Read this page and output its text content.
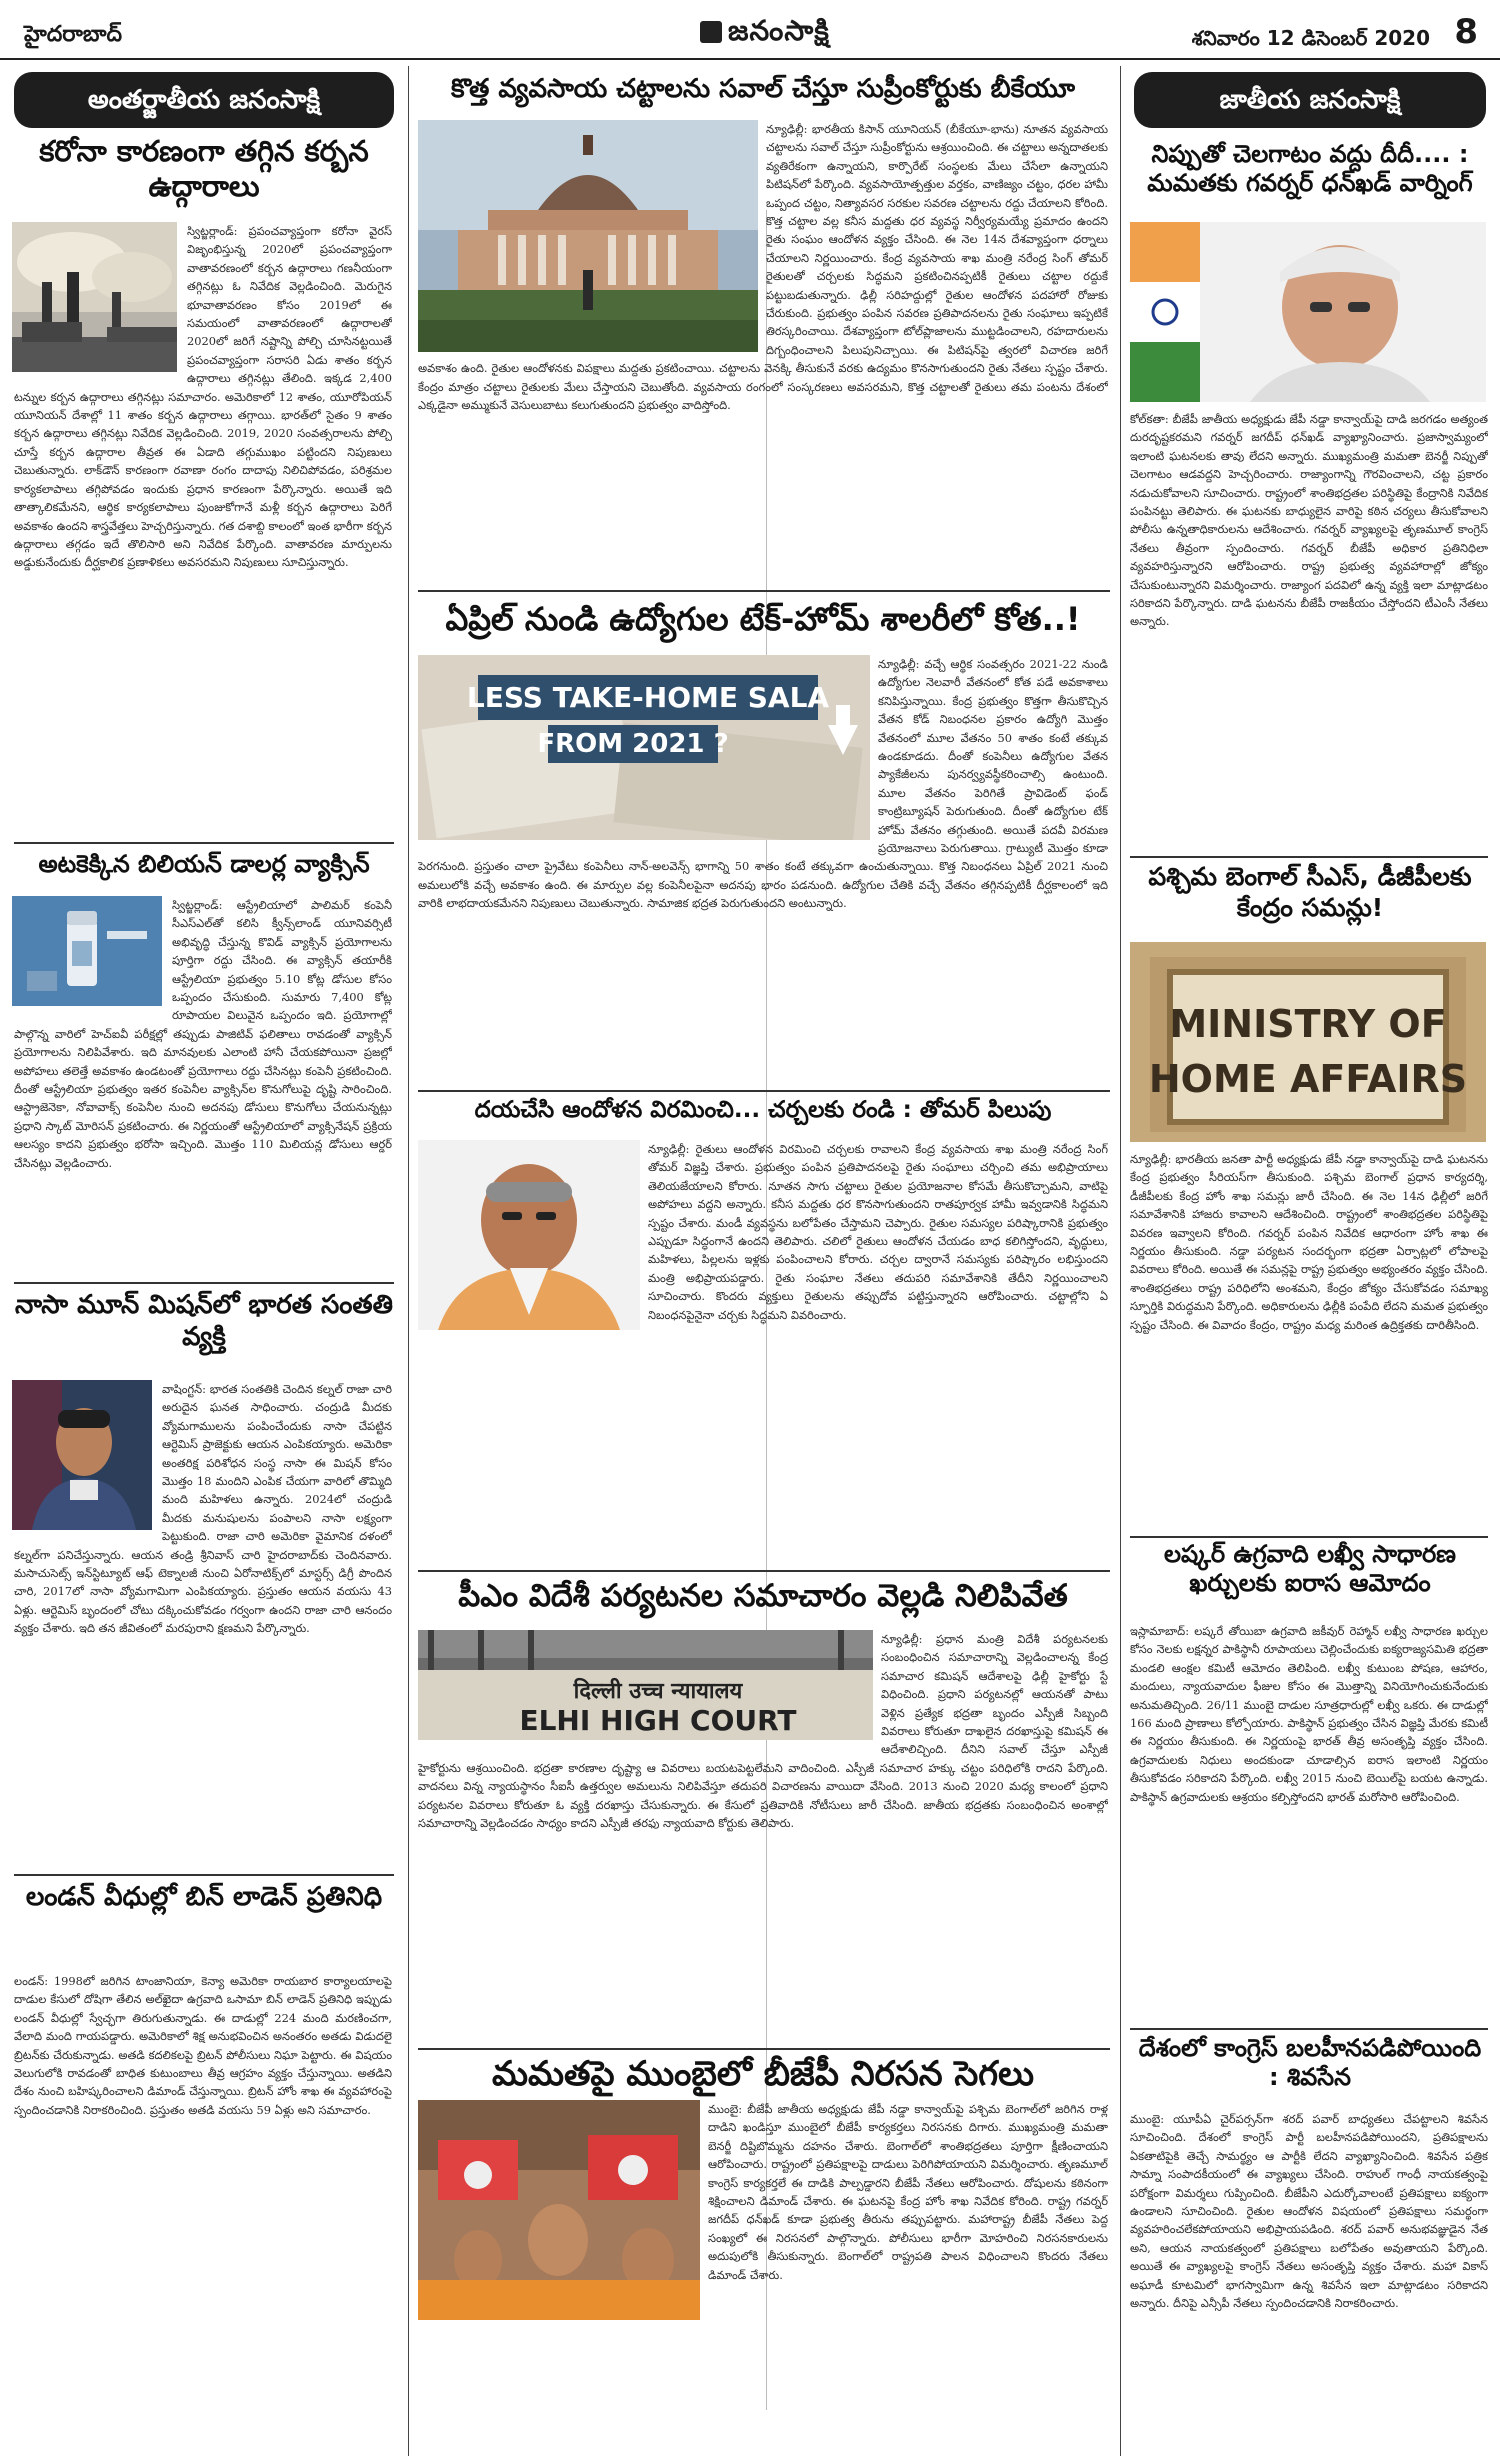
హైదరాబాద్	జనంసాక్షి	శనివారం 12 డిసెంబర్ 2020 8
అంతర్జాతీయ జనంసాక్షి
కరోనా కారణంగా తగ్గిన కర్బన ఉద్గారాలు
స్విట్జర్లాండ్‌: ప్రపంచవ్యాప్తంగా కరోనా వైరస్‌ విజృంభిస్తున్న 2020లో ప్రపంచవ్యాప్తంగా వాతావరణంలో కర్బన ఉద్గారాలు గణనీయంగా తగ్గినట్లు ఓ నివేదిక వెల్లడించింది. మెరుగైన భూవాతావరణం కోసం 2019లో ఈ సమయంలో వాతావరణంలో ఉద్గారాలతో 2020లో జరిగే నష్టాన్ని పోల్చి చూసినట్టయితే ప్రపంచవ్యాప్తంగా సరాసరి ఏడు శాతం కర్బన ఉద్గారాలు తగ్గినట్లు తేలింది. ఇక్కడ 2,400 టన్నుల కర్బన ఉద్గారాలు తగ్గినట్లు సమాచారం. అమెరికాలో 12 శాతం, యూరోపియన్‌ యూనియన్‌ దేశాల్లో 11 శాతం కర్బన ఉద్గారాలు తగ్గాయి. భారత్‌లో సైతం 9 శాతం కర్బన ఉద్గారాలు తగ్గినట్లు నివేదిక వెల్లడించింది. 2019, 2020 సంవత్సరాలను పోల్చి చూస్తే కర్బన ఉద్గారాల తీవ్రత ఈ ఏడాది తగ్గుముఖం పట్టిందని నిపుణులు చెబుతున్నారు. లాక్‌డౌన్‌ కారణంగా రవాణా రంగం దాదాపు నిలిచిపోవడం, పరిశ్రమల కార్యకలాపాలు తగ్గిపోవడం ఇందుకు ప్రధాన కారణంగా పేర్కొన్నారు. అయితే ఇది తాత్కాలికమేనని, ఆర్థిక కార్యకలాపాలు పుంజుకోగానే మళ్లీ కర్బన ఉద్గారాలు పెరిగే అవకాశం ఉందని శాస్త్రవేత్తలు హెచ్చరిస్తున్నారు. గత దశాబ్ది కాలంలో ఇంత భారీగా కర్బన ఉద్గారాలు తగ్గడం ఇదే తొలిసారి అని నివేదిక పేర్కొంది. వాతావరణ మార్పులను అడ్డుకునేందుకు దీర్ఘకాలిక ప్రణాళికలు అవసరమని నిపుణులు సూచిస్తున్నారు.
అటకెక్కిన బిలియన్‌ డాలర్ల వ్యాక్సిన్‌
స్విట్జర్లాండ్‌: ఆస్ట్రేలియాలో పాలిమర్‌ కంపెనీ సీఎస్‌ఎల్‌తో కలిసి క్వీన్స్‌లాండ్‌ యూనివర్సిటీ అభివృద్ధి చేస్తున్న కొవిడ్‌ వ్యాక్సిన్‌ ప్రయోగాలను పూర్తిగా రద్దు చేసింది. ఈ వ్యాక్సిన్‌ తయారీకి ఆస్ట్రేలియా ప్రభుత్వం 5.10 కోట్ల డోసుల కోసం ఒప్పందం చేసుకుంది. సుమారు 7,400 కోట్ల రూపాయల విలువైన ఒప్పందం ఇది. ప్రయోగాల్లో పాల్గొన్న వారిలో హెచ్‌ఐవీ పరీక్షల్లో తప్పుడు పాజిటివ్‌ ఫలితాలు రావడంతో వ్యాక్సిన్‌ ప్రయోగాలను నిలిపివేశారు. ఇది మానవులకు ఎలాంటి హానీ చేయకపోయినా ప్రజల్లో అపోహలు తలెత్తే అవకాశం ఉండటంతో ప్రయోగాలు రద్దు చేసినట్లు కంపెనీ ప్రకటించింది. దీంతో ఆస్ట్రేలియా ప్రభుత్వం ఇతర కంపెనీల వ్యాక్సిన్‌ల కొనుగోలుపై దృష్టి సారించింది. ఆస్ట్రాజెనెకా, నోవావాక్స్‌ కంపెనీల నుంచి అదనపు డోసులు కొనుగోలు చేయనున్నట్లు ప్రధాని స్కాట్‌ మోరిసన్‌ ప్రకటించారు. ఈ నిర్ణయంతో ఆస్ట్రేలియాలో వ్యాక్సినేషన్‌ ప్రక్రియ ఆలస్యం కాదని ప్రభుత్వం భరోసా ఇచ్చింది. మొత్తం 110 మిలియన్ల డోసులు ఆర్డర్‌ చేసినట్లు వెల్లడించారు.
నాసా మూన్‌ మిషన్‌లో భారత సంతతి వ్యక్తి
వాషింగ్టన్‌: భారత సంతతికి చెందిన కల్నల్‌ రాజా చారి అరుదైన ఘనత సాధించారు. చంద్రుడి మీదకు వ్యోమగాములను పంపించేందుకు నాసా చేపట్టిన ఆర్టెమిస్‌ ప్రాజెక్టుకు ఆయన ఎంపికయ్యారు. అమెరికా అంతరిక్ష పరిశోధన సంస్థ నాసా ఈ మిషన్‌ కోసం మొత్తం 18 మందిని ఎంపిక చేయగా వారిలో తొమ్మిది మంది మహిళలు ఉన్నారు. 2024లో చంద్రుడి మీదకు మనుషులను పంపాలని నాసా లక్ష్యంగా పెట్టుకుంది. రాజా చారి అమెరికా వైమానిక దళంలో కల్నల్‌గా పనిచేస్తున్నారు. ఆయన తండ్రి శ్రీనివాస్‌ చారి హైదరాబాద్‌కు చెందినవారు. మసాచుసెట్స్‌ ఇన్‌స్టిట్యూట్‌ ఆఫ్‌ టెక్నాలజీ నుంచి ఏరోనాటిక్స్‌లో మాస్టర్స్‌ డిగ్రీ పొందిన చారి, 2017లో నాసా వ్యోమగామిగా ఎంపికయ్యారు. ప్రస్తుతం ఆయన వయసు 43 ఏళ్లు. ఆర్టెమిస్‌ బృందంలో చోటు దక్కించుకోవడం గర్వంగా ఉందని రాజా చారి ఆనందం వ్యక్తం చేశారు. ఇది తన జీవితంలో మరపురాని క్షణమని పేర్కొన్నారు.
లండన్‌ వీధుల్లో బిన్‌ లాడెన్‌ ప్రతినిధి
లండన్‌: 1998లో జరిగిన టాంజానియా, కెన్యా అమెరికా రాయబార కార్యాలయాలపై దాడుల కేసులో దోషిగా తేలిన అల్‌ఖైదా ఉగ్రవాది ఒసామా బిన్‌ లాడెన్‌ ప్రతినిధి ఇప్పుడు లండన్‌ వీధుల్లో స్వేచ్ఛగా తిరుగుతున్నాడు. ఈ దాడుల్లో 224 మంది మరణించగా, వేలాది మంది గాయపడ్డారు. అమెరికాలో శిక్ష అనుభవించిన అనంతరం అతడు విడుదలై బ్రిటన్‌కు చేరుకున్నాడు. అతడి కదలికలపై బ్రిటన్‌ పోలీసులు నిఘా పెట్టారు. ఈ విషయం వెలుగులోకి రావడంతో బాధిత కుటుంబాలు తీవ్ర ఆగ్రహం వ్యక్తం చేస్తున్నాయి. అతడిని దేశం నుంచి బహిష్కరించాలని డిమాండ్‌ చేస్తున్నాయి. బ్రిటన్‌ హోం శాఖ ఈ వ్యవహారంపై స్పందించడానికి నిరాకరించింది. ప్రస్తుతం అతడి వయసు 59 ఏళ్లు అని సమాచారం.
కొత్త వ్యవసాయ చట్టాలను సవాల్‌ చేస్తూ సుప్రీంకోర్టుకు బీకేయూ
న్యూఢిల్లీ: భారతీయ కిసాన్‌ యూనియన్‌ (బీకేయూ-భాను) నూతన వ్యవసాయ చట్టాలను సవాల్‌ చేస్తూ సుప్రీంకోర్టును ఆశ్రయించింది. ఈ చట్టాలు అన్నదాతలకు వ్యతిరేకంగా ఉన్నాయని, కార్పొరేట్‌ సంస్థలకు మేలు చేసేలా ఉన్నాయని పిటిషన్‌లో పేర్కొంది. వ్యవసాయోత్పత్తుల వర్తకం, వాణిజ్యం చట్టం, ధరల హామీ ఒప్పంద చట్టం, నిత్యావసర సరకుల సవరణ చట్టాలను రద్దు చేయాలని కోరింది. కొత్త చట్టాల వల్ల కనీస మద్దతు ధర వ్యవస్థ నిర్వీర్యమయ్యే ప్రమాదం ఉందని రైతు సంఘం ఆందోళన వ్యక్తం చేసింది. ఈ నెల 14న దేశవ్యాప్తంగా ధర్నాలు చేయాలని నిర్ణయించారు. కేంద్ర వ్యవసాయ శాఖ మంత్రి నరేంద్ర సింగ్‌ తోమర్‌ రైతులతో చర్చలకు సిద్ధమని ప్రకటించినప్పటికీ రైతులు చట్టాల రద్దుకే పట్టుబడుతున్నారు. ఢిల్లీ సరిహద్దుల్లో రైతుల ఆందోళన పదహారో రోజుకు చేరుకుంది. ప్రభుత్వం పంపిన సవరణ ప్రతిపాదనలను రైతు సంఘాలు ఇప్పటికే తిరస్కరించాయి. దేశవ్యాప్తంగా టోల్‌ప్లాజాలను ముట్టడించాలని, రహదారులను దిగ్బంధించాలని పిలుపునిచ్చాయి. ఈ పిటిషన్‌పై త్వరలో విచారణ జరిగే అవకాశం ఉంది. రైతుల ఆందోళనకు విపక్షాలు మద్దతు ప్రకటించాయి. చట్టాలను వెనక్కి తీసుకునే వరకు ఉద్యమం కొనసాగుతుందని రైతు నేతలు స్పష్టం చేశారు. కేంద్రం మాత్రం చట్టాలు రైతులకు మేలు చేస్తాయని చెబుతోంది. వ్యవసాయ రంగంలో సంస్కరణలు అవసరమని, కొత్త చట్టాలతో రైతులు తమ పంటను దేశంలో ఎక్కడైనా అమ్ముకునే వెసులుబాటు కలుగుతుందని ప్రభుత్వం వాదిస్తోంది.
ఏప్రిల్‌ నుండి ఉద్యోగుల టేక్‌-హోమ్‌ శాలరీలో కోత..!
LESS TAKE-HOME SALA
FROM 2021 ?
న్యూఢిల్లీ: వచ్చే ఆర్థిక సంవత్సరం 2021-22 నుండి ఉద్యోగుల నెలవారీ వేతనంలో కోత పడే అవకాశాలు కనిపిస్తున్నాయి. కేంద్ర ప్రభుత్వం కొత్తగా తీసుకొచ్చిన వేతన కోడ్‌ నిబంధనల ప్రకారం ఉద్యోగి మొత్తం వేతనంలో మూల వేతనం 50 శాతం కంటే తక్కువ ఉండకూడదు. దీంతో కంపెనీలు ఉద్యోగుల వేతన ప్యాకేజీలను పునర్వ్యవస్థీకరించాల్సి ఉంటుంది. మూల వేతనం పెరిగితే ప్రావిడెంట్‌ ఫండ్‌ కాంట్రిబ్యూషన్‌ పెరుగుతుంది. దీంతో ఉద్యోగుల టేక్‌ హోమ్‌ వేతనం తగ్గుతుంది. అయితే పదవీ విరమణ ప్రయోజనాలు పెరుగుతాయి. గ్రాట్యుటీ మొత్తం కూడా పెరగనుంది. ప్రస్తుతం చాలా ప్రైవేటు కంపెనీలు నాన్‌-అలవెన్స్‌ భాగాన్ని 50 శాతం కంటే తక్కువగా ఉంచుతున్నాయి. కొత్త నిబంధనలు ఏప్రిల్‌ 2021 నుంచి అమలులోకి వచ్చే అవకాశం ఉంది. ఈ మార్పుల వల్ల కంపెనీలపైనా అదనపు భారం పడనుంది. ఉద్యోగుల చేతికి వచ్చే వేతనం తగ్గినప్పటికీ దీర్ఘకాలంలో ఇది వారికి లాభదాయకమేనని నిపుణులు చెబుతున్నారు. సామాజిక భద్రత పెరుగుతుందని అంటున్నారు.
దయచేసి ఆందోళన విరమించి... చర్చలకు రండి : తోమర్‌ పిలుపు
న్యూఢిల్లీ: రైతులు ఆందోళన విరమించి చర్చలకు రావాలని కేంద్ర వ్యవసాయ శాఖ మంత్రి నరేంద్ర సింగ్‌ తోమర్‌ విజ్ఞప్తి చేశారు. ప్రభుత్వం పంపిన ప్రతిపాదనలపై రైతు సంఘాలు చర్చించి తమ అభిప్రాయాలు తెలియజేయాలని కోరారు. నూతన సాగు చట్టాలు రైతుల ప్రయోజనాల కోసమే తీసుకొచ్చామని, వాటిపై అపోహలు వద్దని అన్నారు. కనీస మద్దతు ధర కొనసాగుతుందని రాతపూర్వక హామీ ఇవ్వడానికి సిద్ధమని స్పష్టం చేశారు. మండీ వ్యవస్థను బలోపేతం చేస్తామని చెప్పారు. రైతుల సమస్యల పరిష్కారానికి ప్రభుత్వం ఎప్పుడూ సిద్ధంగానే ఉందని తెలిపారు. చలిలో రైతులు ఆందోళన చేయడం బాధ కలిగిస్తోందని, వృద్ధులు, మహిళలు, పిల్లలను ఇళ్లకు పంపించాలని కోరారు. చర్చల ద్వారానే సమస్యకు పరిష్కారం లభిస్తుందని మంత్రి అభిప్రాయపడ్డారు. రైతు సంఘాల నేతలు తదుపరి సమావేశానికి తేదీని నిర్ణయించాలని సూచించారు. కొందరు వ్యక్తులు రైతులను తప్పుదోవ పట్టిస్తున్నారని ఆరోపించారు. చట్టాల్లోని ఏ నిబంధనపైనైనా చర్చకు సిద్ధమని వివరించారు.
పీఎం విదేశీ పర్యటనల సమాచారం వెల్లడి నిలిపివేత
दिल्ली उच्च न्यायालय
ELHI HIGH COURT
న్యూఢిల్లీ: ప్రధాన మంత్రి విదేశీ పర్యటనలకు సంబంధించిన సమాచారాన్ని వెల్లడించాలన్న కేంద్ర సమాచార కమిషన్‌ ఆదేశాలపై ఢిల్లీ హైకోర్టు స్టే విధించింది. ప్రధాని పర్యటనల్లో ఆయనతో పాటు వెళ్లిన ప్రత్యేక భద్రతా బృందం ఎస్పీజీ సిబ్బంది వివరాలు కోరుతూ దాఖలైన దరఖాస్తుపై కమిషన్‌ ఈ ఆదేశాలిచ్చింది. దీనిని సవాల్‌ చేస్తూ ఎస్పీజీ హైకోర్టును ఆశ్రయించింది. భద్రతా కారణాల దృష్ట్యా ఆ వివరాలు బయటపెట్టలేమని వాదించింది. ఎస్పీజీ సమాచార హక్కు చట్టం పరిధిలోకి రాదని పేర్కొంది. వాదనలు విన్న న్యాయస్థానం సీఐసీ ఉత్తర్వుల అమలును నిలిపివేస్తూ తదుపరి విచారణను వాయిదా వేసింది. 2013 నుంచి 2020 మధ్య కాలంలో ప్రధాని పర్యటనల వివరాలు కోరుతూ ఓ వ్యక్తి దరఖాస్తు చేసుకున్నారు. ఈ కేసులో ప్రతివాదికి నోటీసులు జారీ చేసింది. జాతీయ భద్రతకు సంబంధించిన అంశాల్లో సమాచారాన్ని వెల్లడించడం సాధ్యం కాదని ఎస్పీజీ తరఫు న్యాయవాది కోర్టుకు తెలిపారు.
మమతపై ముంబైలో బీజేపీ నిరసన సెగలు
ముంబై: బీజేపీ జాతీయ అధ్యక్షుడు జేపీ నడ్డా కాన్వాయ్‌పై పశ్చిమ బెంగాల్‌లో జరిగిన రాళ్ల దాడిని ఖండిస్తూ ముంబైలో బీజేపీ కార్యకర్తలు నిరసనకు దిగారు. ముఖ్యమంత్రి మమతా బెనర్జీ దిష్టిబొమ్మను దహనం చేశారు. బెంగాల్‌లో శాంతిభద్రతలు పూర్తిగా క్షీణించాయని ఆరోపించారు. రాష్ట్రంలో ప్రతిపక్షాలపై దాడులు పెరిగిపోయాయని విమర్శించారు. తృణమూల్‌ కాంగ్రెస్‌ కార్యకర్తలే ఈ దాడికి పాల్పడ్డారని బీజేపీ నేతలు ఆరోపించారు. దోషులను కఠినంగా శిక్షించాలని డిమాండ్‌ చేశారు. ఈ ఘటనపై కేంద్ర హోం శాఖ నివేదిక కోరింది. రాష్ట్ర గవర్నర్‌ జగదీప్‌ ధన్‌ఖడ్‌ కూడా ప్రభుత్వ తీరును తప్పుపట్టారు. మహారాష్ట్ర బీజేపీ నేతలు పెద్ద సంఖ్యలో ఈ నిరసనలో పాల్గొన్నారు. పోలీసులు భారీగా మోహరించి నిరసనకారులను అదుపులోకి తీసుకున్నారు. బెంగాల్‌లో రాష్ట్రపతి పాలన విధించాలని కొందరు నేతలు డిమాండ్‌ చేశారు.
జాతీయ జనంసాక్షి
నిప్పుతో చెలగాటం వద్దు దీదీ.... : మమతకు గవర్నర్‌ ధన్‌ఖడ్‌ వార్నింగ్‌
కోల్‌కతా: బీజేపీ జాతీయ అధ్యక్షుడు జేపీ నడ్డా కాన్వాయ్‌పై దాడి జరగడం అత్యంత దురదృష్టకరమని గవర్నర్‌ జగదీప్‌ ధన్‌ఖడ్‌ వ్యాఖ్యానించారు. ప్రజాస్వామ్యంలో ఇలాంటి ఘటనలకు తావు లేదని అన్నారు. ముఖ్యమంత్రి మమతా బెనర్జీ నిప్పుతో చెలగాటం ఆడవద్దని హెచ్చరించారు. రాజ్యాంగాన్ని గౌరవించాలని, చట్ట ప్రకారం నడుచుకోవాలని సూచించారు. రాష్ట్రంలో శాంతిభద్రతల పరిస్థితిపై కేంద్రానికి నివేదిక పంపినట్టు తెలిపారు. ఈ ఘటనకు బాధ్యులైన వారిపై కఠిన చర్యలు తీసుకోవాలని పోలీసు ఉన్నతాధికారులను ఆదేశించారు. గవర్నర్‌ వ్యాఖ్యలపై తృణమూల్‌ కాంగ్రెస్‌ నేతలు తీవ్రంగా స్పందించారు. గవర్నర్‌ బీజేపీ అధికార ప్రతినిధిలా వ్యవహరిస్తున్నారని ఆరోపించారు. రాష్ట్ర ప్రభుత్వ వ్యవహారాల్లో జోక్యం చేసుకుంటున్నారని విమర్శించారు. రాజ్యాంగ పదవిలో ఉన్న వ్యక్తి ఇలా మాట్లాడటం సరికాదని పేర్కొన్నారు. దాడి ఘటనను బీజేపీ రాజకీయం చేస్తోందని టీఎంసీ నేతలు అన్నారు.
పశ్చిమ బెంగాల్‌ సీఎస్‌, డీజీపీలకు కేంద్రం సమన్లు!
MINISTRY OF
HOME AFFAIRS
న్యూఢిల్లీ: భారతీయ జనతా పార్టీ అధ్యక్షుడు జేపీ నడ్డా కాన్వాయ్‌పై దాడి ఘటనను కేంద్ర ప్రభుత్వం సీరియస్‌గా తీసుకుంది. పశ్చిమ బెంగాల్‌ ప్రధాన కార్యదర్శి, డీజీపీలకు కేంద్ర హోం శాఖ సమన్లు జారీ చేసింది. ఈ నెల 14న ఢిల్లీలో జరిగే సమావేశానికి హాజరు కావాలని ఆదేశించింది. రాష్ట్రంలో శాంతిభద్రతల పరిస్థితిపై వివరణ ఇవ్వాలని కోరింది. గవర్నర్‌ పంపిన నివేదిక ఆధారంగా హోం శాఖ ఈ నిర్ణయం తీసుకుంది. నడ్డా పర్యటన సందర్భంగా భద్రతా ఏర్పాట్లలో లోపాలపై వివరాలు కోరింది. అయితే ఈ సమన్లపై రాష్ట్ర ప్రభుత్వం అభ్యంతరం వ్యక్తం చేసింది. శాంతిభద్రతలు రాష్ట్ర పరిధిలోని అంశమని, కేంద్రం జోక్యం చేసుకోవడం సమాఖ్య స్ఫూర్తికి విరుద్ధమని పేర్కొంది. అధికారులను ఢిల్లీకి పంపేది లేదని మమత ప్రభుత్వం స్పష్టం చేసింది. ఈ వివాదం కేంద్రం, రాష్ట్రం మధ్య మరింత ఉద్రిక్తతకు దారితీసింది.
లష్కర్‌ ఉగ్రవాది లఖ్వీ సాధారణ ఖర్చులకు ఐరాస ఆమోదం
ఇస్లామాబాద్‌: లష్కరే తోయిబా ఉగ్రవాది జకీవుర్‌ రెహ్మాన్‌ లఖ్వీ సాధారణ ఖర్చుల కోసం నెలకు లక్షన్నర పాకిస్థానీ రూపాయలు చెల్లించేందుకు ఐక్యరాజ్యసమితి భద్రతా మండలి ఆంక్షల కమిటీ ఆమోదం తెలిపింది. లఖ్వీ కుటుంబ పోషణ, ఆహారం, మందులు, న్యాయవాదుల ఫీజుల కోసం ఈ మొత్తాన్ని వినియోగించుకునేందుకు అనుమతిచ్చింది. 26/11 ముంబై దాడుల సూత్రధారుల్లో లఖ్వీ ఒకరు. ఈ దాడుల్లో 166 మంది ప్రాణాలు కోల్పోయారు. పాకిస్థాన్‌ ప్రభుత్వం చేసిన విజ్ఞప్తి మేరకు కమిటీ ఈ నిర్ణయం తీసుకుంది. ఈ నిర్ణయంపై భారత్‌ తీవ్ర అసంతృప్తి వ్యక్తం చేసింది. ఉగ్రవాదులకు నిధులు అందకుండా చూడాల్సిన ఐరాస ఇలాంటి నిర్ణయం తీసుకోవడం సరికాదని పేర్కొంది. లఖ్వీ 2015 నుంచి బెయిల్‌పై బయట ఉన్నాడు. పాకిస్థాన్‌ ఉగ్రవాదులకు ఆశ్రయం కల్పిస్తోందని భారత్‌ మరోసారి ఆరోపించింది.
దేశంలో కాంగ్రెస్‌ బలహీనపడిపోయింది : శివసేన
ముంబై: యూపీఏ చైర్‌పర్సన్‌గా శరద్‌ పవార్‌ బాధ్యతలు చేపట్టాలని శివసేన సూచించింది. దేశంలో కాంగ్రెస్‌ పార్టీ బలహీనపడిపోయిందని, ప్రతిపక్షాలను ఏకతాటిపైకి తెచ్చే సామర్థ్యం ఆ పార్టీకి లేదని వ్యాఖ్యానించింది. శివసేన పత్రిక సామ్నా సంపాదకీయంలో ఈ వ్యాఖ్యలు చేసింది. రాహుల్‌ గాంధీ నాయకత్వంపై పరోక్షంగా విమర్శలు గుప్పించింది. బీజేపీని ఎదుర్కోవాలంటే ప్రతిపక్షాలు ఐక్యంగా ఉండాలని సూచించింది. రైతుల ఆందోళన విషయంలో ప్రతిపక్షాలు సమర్థంగా వ్యవహరించలేకపోయాయని అభిప్రాయపడింది. శరద్‌ పవార్‌ అనుభవజ్ఞుడైన నేత అని, ఆయన నాయకత్వంలో ప్రతిపక్షాలు బలోపేతం అవుతాయని పేర్కొంది. అయితే ఈ వ్యాఖ్యలపై కాంగ్రెస్‌ నేతలు అసంతృప్తి వ్యక్తం చేశారు. మహా వికాస్‌ అఘాడీ కూటమిలో భాగస్వామిగా ఉన్న శివసేన ఇలా మాట్లాడటం సరికాదని అన్నారు. దీనిపై ఎన్సీపీ నేతలు స్పందించడానికి నిరాకరించారు.
